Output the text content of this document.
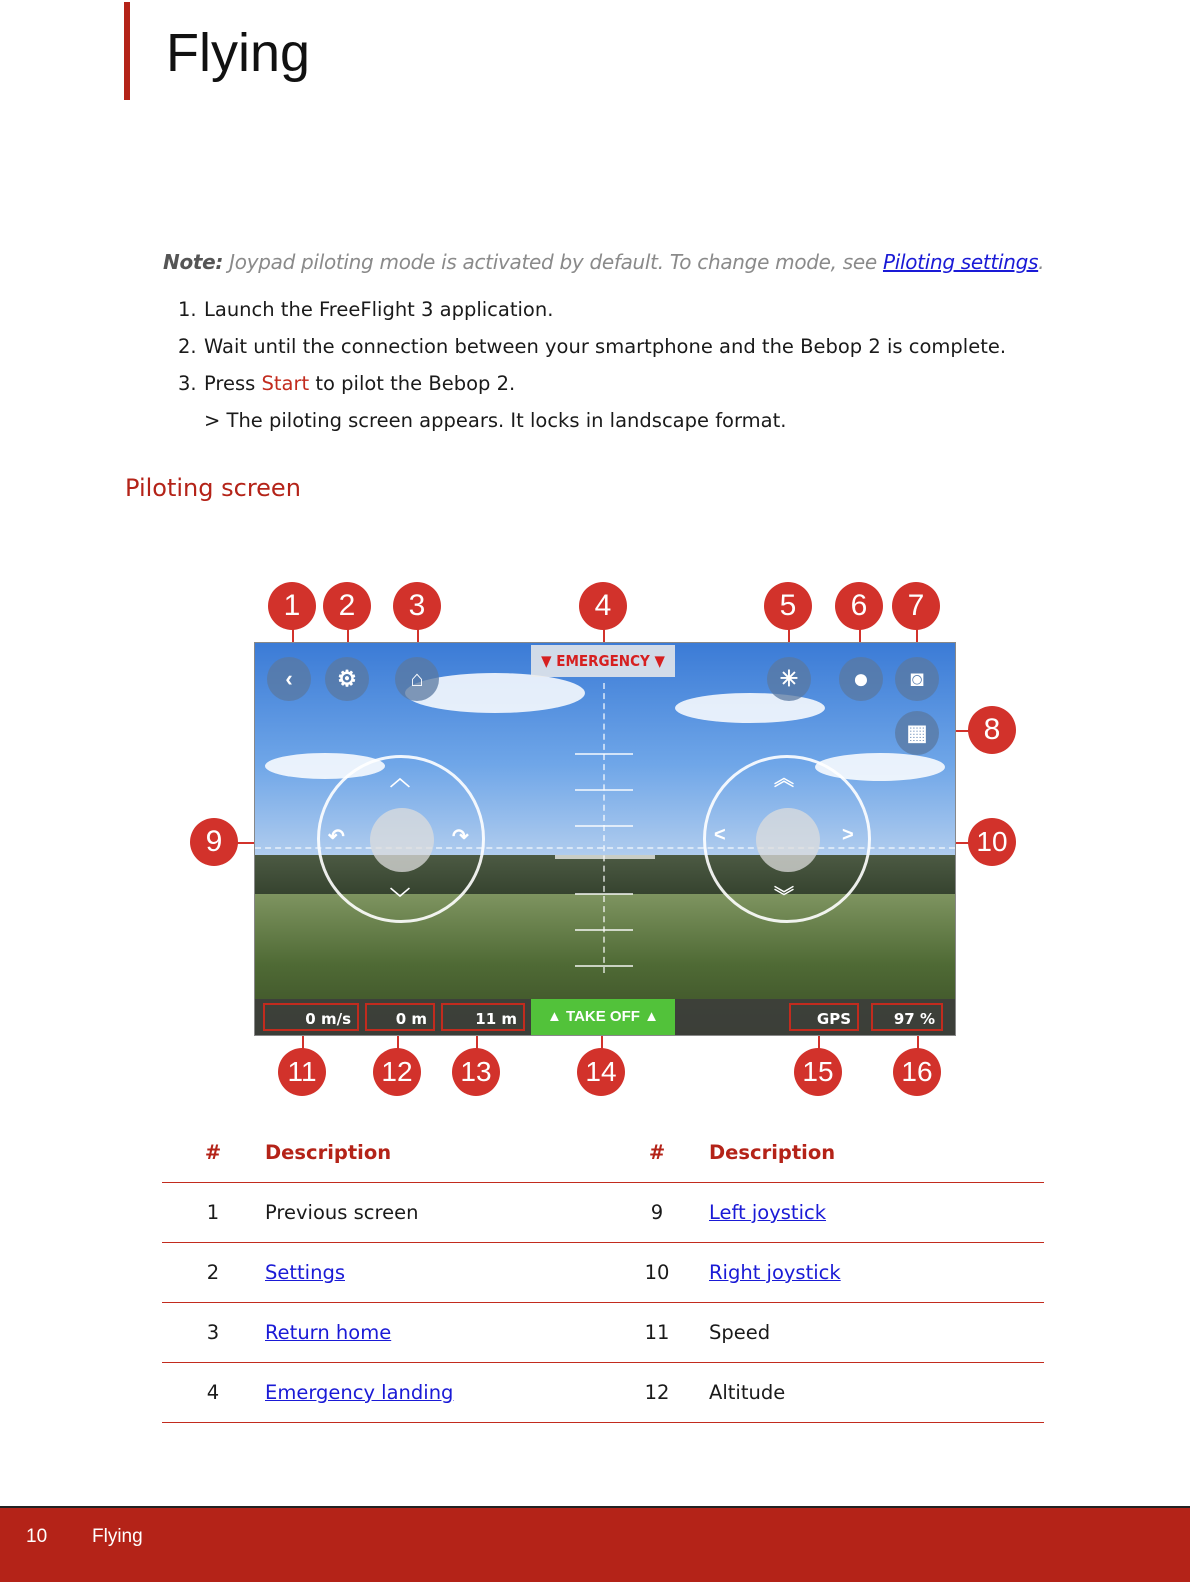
Flying
Note: Joypad piloting mode is activated by default. To change mode, see Piloting settings.
1. Launch the FreeFlight 3 application.
2. Wait until the connection between your smartphone and the Bebop 2 is complete.
3. Press Start to pilot the Bebop 2.
> The piloting screen appears. It locks in landscape format.
Piloting screen
‹	⚙	⌂
▼ EMERGENCY ▼
✳	●	◙
▦
︿
﹀
↶	↷
︽
︾
<	>
0 m/s	0 m	11 m	▲ TAKE OFF ▲	GPS	97 %
1	2	3	4	5	6	7
8
9	10
11	12	13	14	15	16
#	Description	#	Description
1	Previous screen	9	Left joystick
2	Settings	10	Right joystick
3	Return home	11	Speed
4	Emergency landing	12	Altitude
10 Flying
